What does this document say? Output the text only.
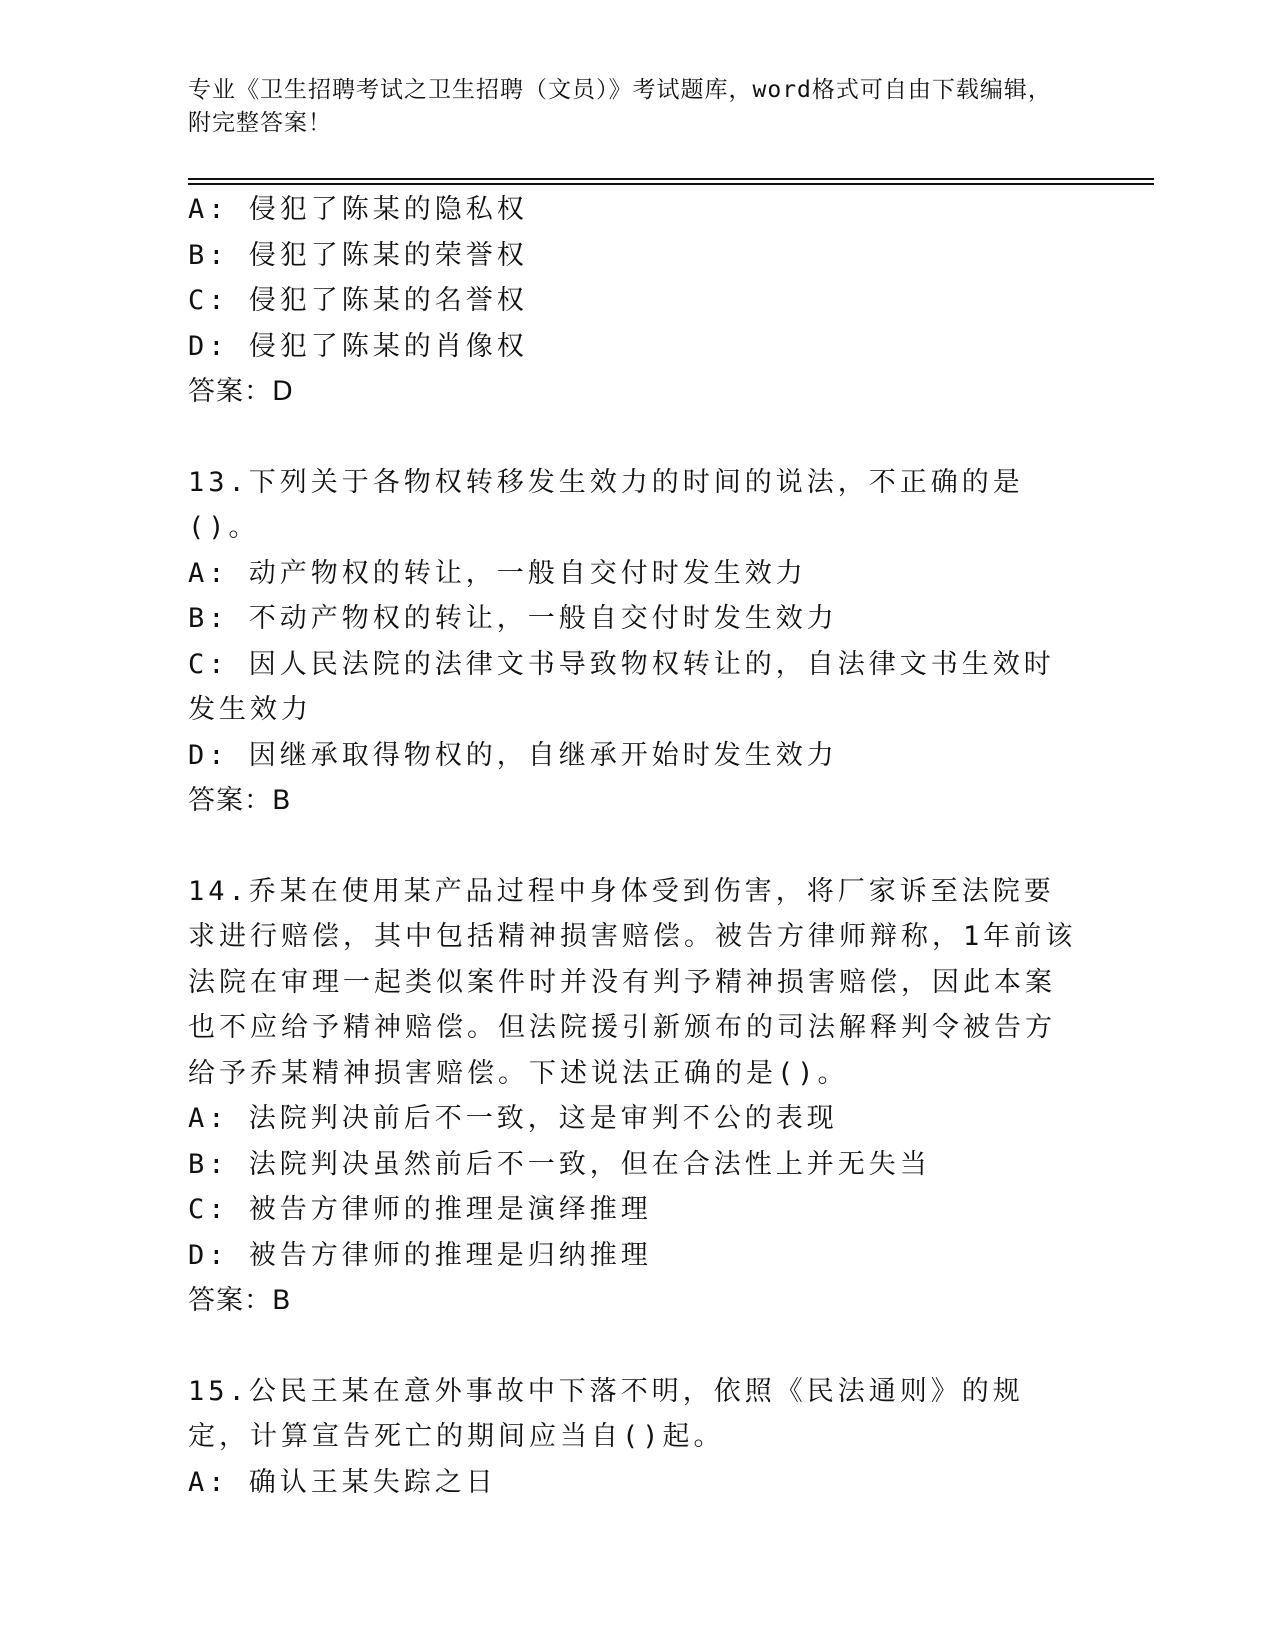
专业《卫生招聘考试之卫生招聘（文员）》考试题库，word格式可自由下载编辑，附完整答案！
A: 侵犯了陈某的隐私权
B: 侵犯了陈某的荣誉权
C: 侵犯了陈某的名誉权
D: 侵犯了陈某的肖像权
答案：D
13.下列关于各物权转移发生效力的时间的说法，不正确的是()。
A: 动产物权的转让，一般自交付时发生效力
B: 不动产物权的转让，一般自交付时发生效力
C: 因人民法院的法律文书导致物权转让的，自法律文书生效时发生效力
D: 因继承取得物权的，自继承开始时发生效力
答案：B
14.乔某在使用某产品过程中身体受到伤害，将厂家诉至法院要求进行赔偿，其中包括精神损害赔偿。被告方律师辩称，1年前该法院在审理一起类似案件时并没有判予精神损害赔偿，因此本案也不应给予精神赔偿。但法院援引新颁布的司法解释判令被告方给予乔某精神损害赔偿。下述说法正确的是()。
A: 法院判决前后不一致，这是审判不公的表现
B: 法院判决虽然前后不一致，但在合法性上并无失当
C: 被告方律师的推理是演绎推理
D: 被告方律师的推理是归纳推理
答案：B
15.公民王某在意外事故中下落不明，依照《民法通则》的规定，计算宣告死亡的期间应当自()起。
A: 确认王某失踪之日
